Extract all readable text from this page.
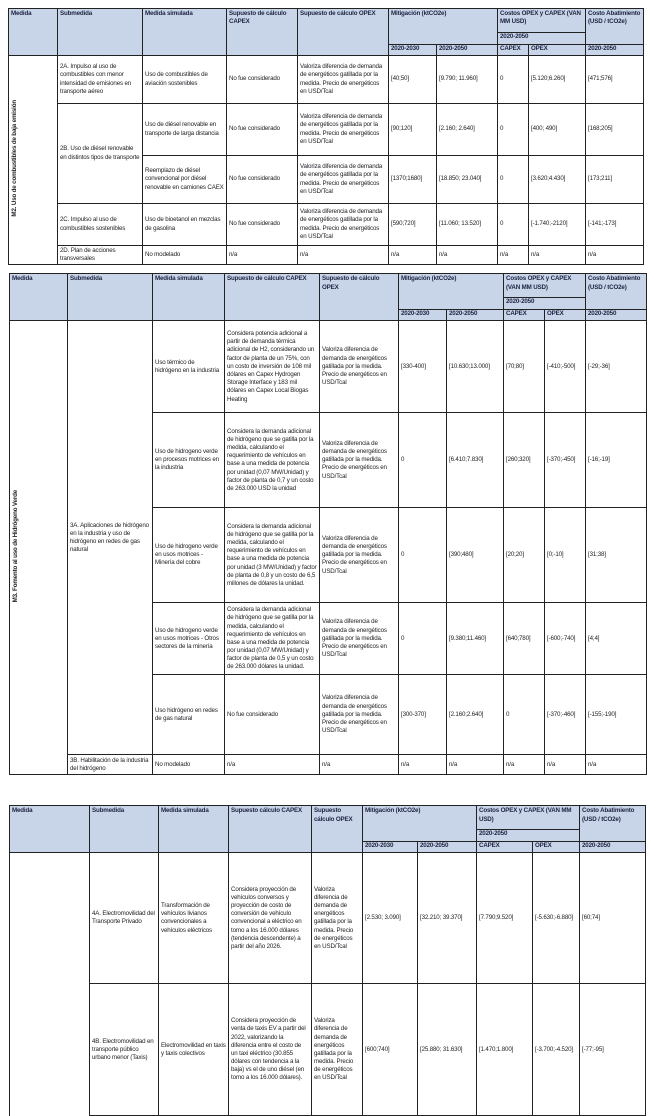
Medida	Submedida	Medida simulada	Supuesto de cálculo CAPEX	Supuesto de cálculo OPEX	Mitigación (ktCO2e)		Costos OPEX y CAPEX (VAN MM USD)		Costo Abatimiento (USD / tCO2e)
							2020-2050		
					2020-2030	2020-2050	CAPEX	OPEX	2020-2050
M2. Uso de combustibles de baja emisión	2A. Impulso al uso de combustibles con menor intensidad de emisiones en transporte aéreo	Uso de combustibles de aviación sostenibles	No fue considerado	Valoriza diferencia de demanda de energéticos gatillada por la medida. Precio de energéticos en USD/Tcal	[40;50]	[9.790; 11.960]	0	[5.120;6.260]	[471;576]
	2B. Uso de diésel renovable en distintos tipos de transporte	Uso de diésel renovable en transporte de larga distancia	No fue considerado	Valoriza diferencia de demanda de energéticos gatillada por la medida. Precio de energéticos en USD/Tcal	[90;120]	[2.160; 2.640]	0	[400; 490]	[168;205]
		Reemplazo de diésel convencional por diésel renovable en camiones CAEX	No fue considerado	Valoriza diferencia de demanda de energéticos gatillada por la medida. Precio de energéticos en USD/Tcal	[1370;1680]	[18.850; 23.040]	0	[3.620;4.430]	[173;211]
	2C. Impulso al uso de combustibles sostenibles	Uso de bioetanol en mezclas de gasolina	No fue considerado	Valoriza diferencia de demanda de energéticos gatillada por la medida. Precio de energéticos en USD/Tcal	[590;720]	[11.060; 13.520]	0	[-1.740;-2120]	[-141;-173]
	2D. Plan de acciones transversales	No modelado	n/a	n/a	n/a	n/a	n/a	n/a	n/a
Medida	Submedida	Medida simulada	Supuesto de cálculo CAPEX	Supuesto de cálculo OPEX	Mitigación (ktCO2e)		Costos OPEX y CAPEX (VAN MM USD)		Costo Abatimiento (USD / tCO2e)
							2020-2050		
					2020-2030	2020-2050	CAPEX	OPEX	2020-2050
M3. Fomento al uso de Hidrógeno Verde	3A. Aplicaciones de hidrógeno en la industria y uso de hidrógeno en redes de gas natural	Uso térmico de hidrógeno en la industria	Considera potencia adicional a partir de demanda térmica adicional de H2, considerando un factor de planta de un 75%, con un costo de inversión de 108 mil dólares en Capex Hydrogen Storage Interface y 183 mil dólares en Capex Local Biogas Heating	Valoriza diferencia de demanda de energéticos gatillada por la medida. Precio de energéticos en USD/Tcal	[330-400]	[10.630;13.000]	[70;80]	[-410;-500]	[-29;-36]
		Uso de hidrogeno verde en procesos motrices en la industria	Considera la demanda adicional de hidrógeno que se gatilla por la medida, calculando el requerimiento de vehículos en base a una medida de potencia por unidad (0,07 MW/Unidad) y factor de planta de 0,7 y un costo de 263.000 USD la unidad	Valoriza diferencia de demanda de energéticos gatillada por la medida. Precio de energéticos en USD/Tcal	0	[6.410;7.830]	[260;320]	[-370;-450]	[-16;-19]
		Uso de hidrogeno verde en usos motrices - Minería del cobre	Considera la demanda adicional de hidrógeno que se gatilla por la medida, calculando el requerimiento de vehículos en base a una medida de potencia por unidad (3 MW/Unidad) y factor de planta de 0,8 y un costo de 6,5 millones de dólares la unidad.	Valoriza diferencia de demanda de energéticos gatillada por la medida. Precio de energéticos en USD/Tcal	0	[390;480]	[20;20]	[0;-10]	[31;38]
		Uso de hidrogeno verde en usos motrices - Otros sectores de la minería	Considera la demanda adicional de hidrógeno que se gatilla por la medida, calculando el requerimiento de vehículos en base a una medida de potencia por unidad (0,07 MW/Unidad) y factor de planta de 0,5 y un costo de 263.000 dólares la unidad.	Valoriza diferencia de demanda de energéticos gatillada por la medida. Precio de energéticos en USD/Tcal	0	[9.380;11.460]	[640;780]	[-600;-740]	[4;4]
		Uso hidrógeno en redes de gas natural	No fue considerado	Valoriza diferencia de demanda de energéticos gatillada por la medida. Precio de energéticos en USD/Tcal	[300-370]	[2.160;2.640]	0	[-370;-460]	[-155;-190]
	3B. Habilitación de la industria del hidrógeno	No modelado	n/a	n/a	n/a	n/a	n/a	n/a	n/a
Medida	Submedida	Medida simulada	Supuesto cálculo CAPEX	Supuesto cálculo OPEX	Mitigación (ktCO2e)		Costos OPEX y CAPEX (VAN MM USD)		Costo Abatimiento (USD / tCO2e)
							2020-2050		
					2020-2030	2020-2050	CAPEX	OPEX	2020-2050
	4A. Electromovilidad del Transporte Privado	Transformación de vehículos livianos convencionales a vehículos eléctricos	Considera proyección de vehículos conversos y proyección de costo de conversión de vehículo convencional a eléctrico en torno a los 16.000 dólares (tendencia descendente) a partir del año 2026.	Valoriza diferencia de demanda de energéticos gatillada por la medida. Precio de energéticos en USD/Tcal	[2.530; 3.090]	[32.210; 39.370]	[7.790;9.520]	[-5.630;-6.880]	[60;74]
	4B. Electromovilidad en transporte público urbano menor (Taxis)	Electromovilidad en taxis y taxis colectivos	Considera proyección de venta de taxis EV a partir del 2022, valorizando la diferencia entre el costo de un taxi eléctrico (30.855 dólares con tendencia a la baja) vs el de uno diésel (en torno a los 16.000 dólares).	Valoriza diferencia de demanda de energéticos gatillada por la medida. Precio de energéticos en USD/Tcal	[600;740]	[25.880; 31.630]	[1.470;1.800]	[-3.700;-4.520]	[-77;-95]
